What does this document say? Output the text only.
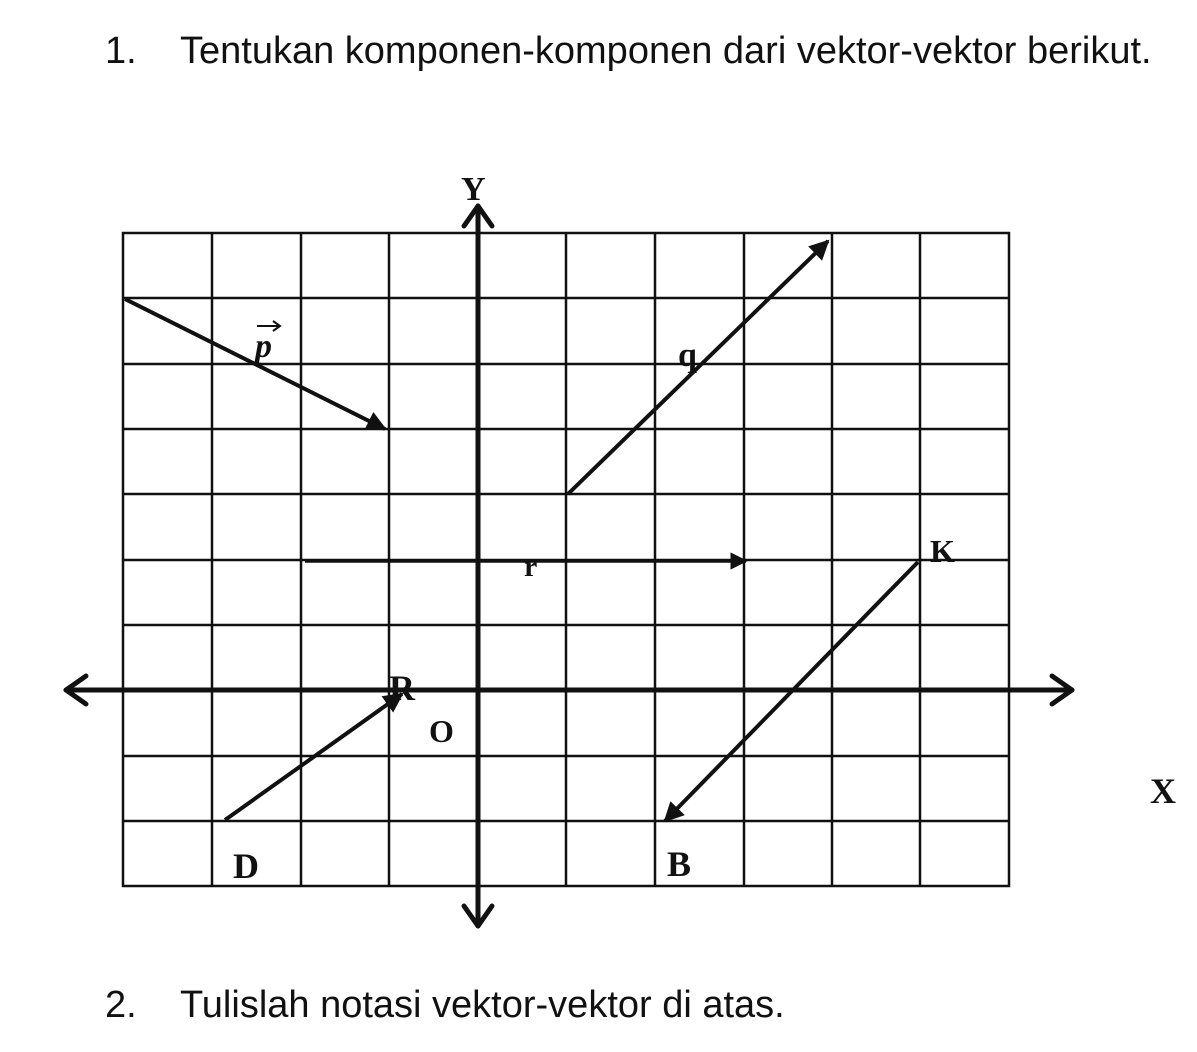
1. Tentukan komponen-komponen dari vektor-vektor berikut.
Y
X
O
p	q
r	K
B
R
D
2. Tulislah notasi vektor-vektor di atas.
